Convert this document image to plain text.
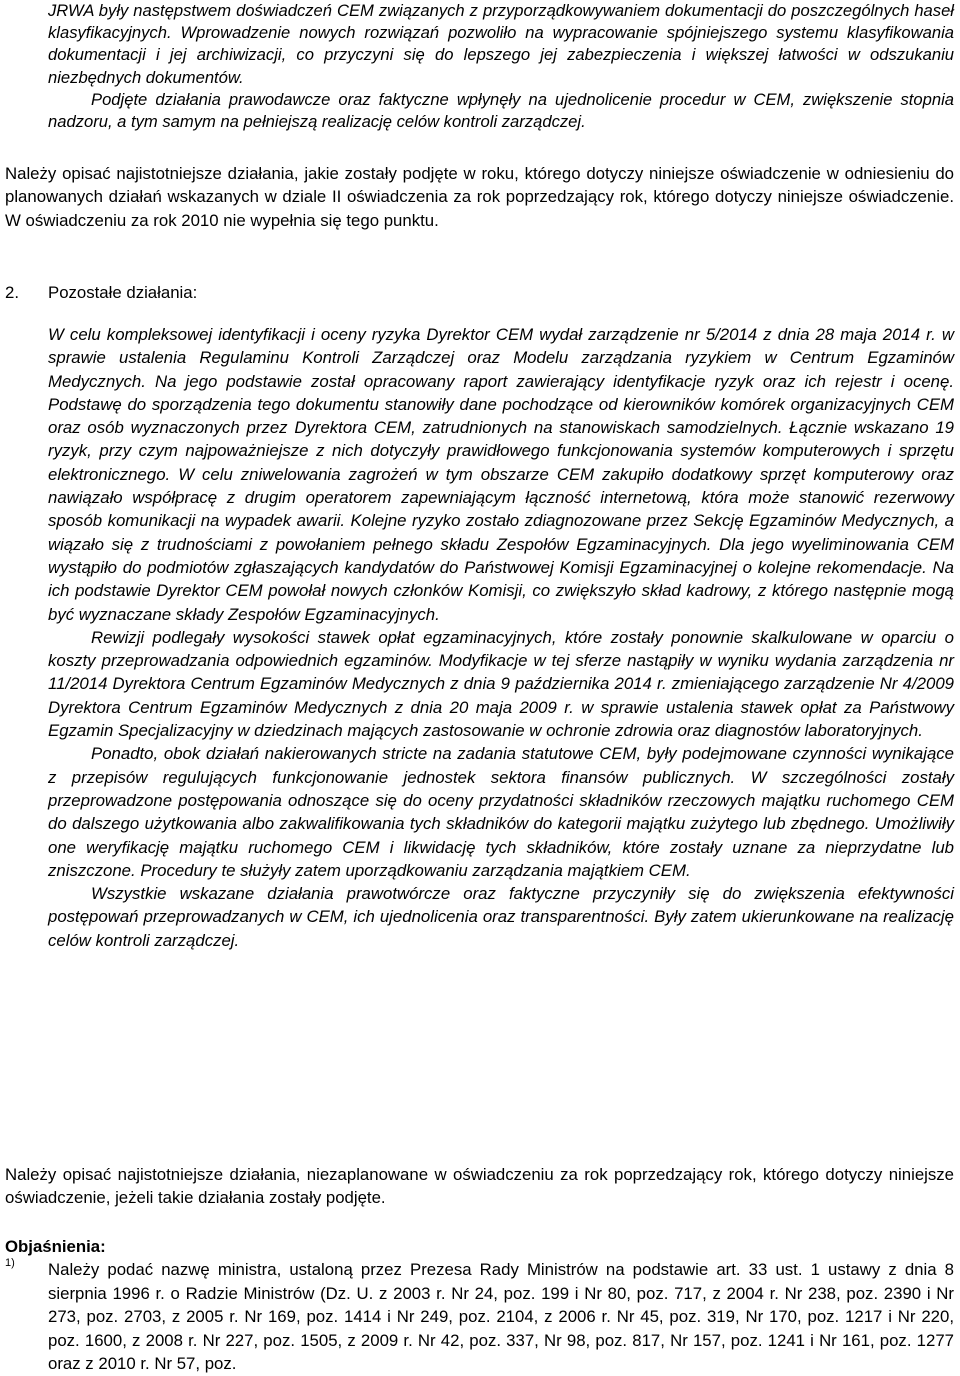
JRWA były następstwem doświadczeń CEM związanych z przyporządkowywaniem dokumentacji do poszczególnych haseł klasyfikacyjnych. Wprowadzenie nowych rozwiązań pozwoliło na wypracowanie spójniejszego systemu klasyfikowania dokumentacji i jej archiwizacji, co przyczyni się do lepszego jej zabezpieczenia i większej łatwości w odszukaniu niezbędnych dokumentów.

Podjęte działania prawodawcze oraz faktyczne wpłynęły na ujednolicenie procedur w CEM, zwiększenie stopnia nadzoru, a tym samym na pełniejszą realizację celów kontroli zarządczej.

Należy opisać najistotniejsze działania, jakie zostały podjęte w roku, którego dotyczy niniejsze oświadczenie w odniesieniu do planowanych działań wskazanych w dziale II oświadczenia za rok poprzedzający rok, którego dotyczy niniejsze oświadczenie. W oświadczeniu za rok 2010 nie wypełnia się tego punktu.

2. Pozostałe działania:

W celu kompleksowej identyfikacji i oceny ryzyka Dyrektor CEM wydał zarządzenie nr 5/2014 z dnia 28 maja 2014 r. w sprawie ustalenia Regulaminu Kontroli Zarządczej oraz Modelu zarządzania ryzykiem w Centrum Egzaminów Medycznych. Na jego podstawie został opracowany raport zawierający identyfikacje ryzyk oraz ich rejestr i ocenę. Podstawę do sporządzenia tego dokumentu stanowiły dane pochodzące od kierowników komórek organizacyjnych CEM oraz osób wyznaczonych przez Dyrektora CEM, zatrudnionych na stanowiskach samodzielnych. Łącznie wskazano 19 ryzyk, przy czym najpoważniejsze z nich dotyczyły prawidłowego funkcjonowania systemów komputerowych i sprzętu elektronicznego. W celu zniwelowania zagrożeń w tym obszarze CEM zakupiło dodatkowy sprzęt komputerowy oraz nawiązało współpracę z drugim operatorem zapewniającym łączność internetową, która może stanowić rezerwowy sposób komunikacji na wypadek awarii. Kolejne ryzyko zostało zdiagnozowane przez Sekcję Egzaminów Medycznych, a wiązało się z trudnościami z powołaniem pełnego składu Zespołów Egzaminacyjnych. Dla jego wyeliminowania CEM wystąpiło do podmiotów zgłaszających kandydatów do Państwowej Komisji Egzaminacyjnej o kolejne rekomendacje. Na ich podstawie Dyrektor CEM powołał nowych członków Komisji, co zwiększyło skład kadrowy, z którego następnie mogą być wyznaczane składy Zespołów Egzaminacyjnych.

Rewizji podlegały wysokości stawek opłat egzaminacyjnych, które zostały ponownie skalkulowane w oparciu o koszty przeprowadzania odpowiednich egzaminów. Modyfikacje w tej sferze nastąpiły w wyniku wydania zarządzenia nr 11/2014 Dyrektora Centrum Egzaminów Medycznych z dnia 9 października 2014 r. zmieniającego zarządzenie Nr 4/2009 Dyrektora Centrum Egzaminów Medycznych z dnia 20 maja 2009 r. w sprawie ustalenia stawek opłat za Państwowy Egzamin Specjalizacyjny w dziedzinach mających zastosowanie w ochronie zdrowia oraz diagnostów laboratoryjnych.

Ponadto, obok działań nakierowanych stricte na zadania statutowe CEM, były podejmowane czynności wynikające z przepisów regulujących funkcjonowanie jednostek sektora finansów publicznych. W szczególności zostały przeprowadzone postępowania odnoszące się do oceny przydatności składników rzeczowych majątku ruchomego CEM do dalszego użytkowania albo zakwalifikowania tych składników do kategorii majątku zużytego lub zbędnego. Umożliwiły one weryfikację majątku ruchomego CEM i likwidację tych składników, które zostały uznane za nieprzydatne lub zniszczone. Procedury te służyły zatem uporządkowaniu zarządzania majątkiem CEM.

Wszystkie wskazane działania prawotwórcze oraz faktyczne przyczyniły się do zwiększenia efektywności postępowań przeprowadzanych w CEM, ich ujednolicenia oraz transparentności. Były zatem ukierunkowane na realizację celów kontroli zarządczej.

Należy opisać najistotniejsze działania, niezaplanowane w oświadczeniu za rok poprzedzający rok, którego dotyczy niniejsze oświadczenie, jeżeli takie działania zostały podjęte.

Objaśnienia:
1) Należy podać nazwę ministra, ustaloną przez Prezesa Rady Ministrów na podstawie art. 33 ust. 1 ustawy z dnia 8 sierpnia 1996 r. o Radzie Ministrów (Dz. U. z 2003 r. Nr 24, poz. 199 i Nr 80, poz. 717, z 2004 r. Nr 238, poz. 2390 i Nr 273, poz. 2703, z 2005 r. Nr 169, poz. 1414 i Nr 249, poz. 2104, z 2006 r. Nr 45, poz. 319, Nr 170, poz. 1217 i Nr 220, poz. 1600, z 2008 r. Nr 227, poz. 1505, z 2009 r. Nr 42, poz. 337, Nr 98, poz. 817, Nr 157, poz. 1241 i Nr 161, poz. 1277 oraz z 2010 r. Nr 57, poz.
